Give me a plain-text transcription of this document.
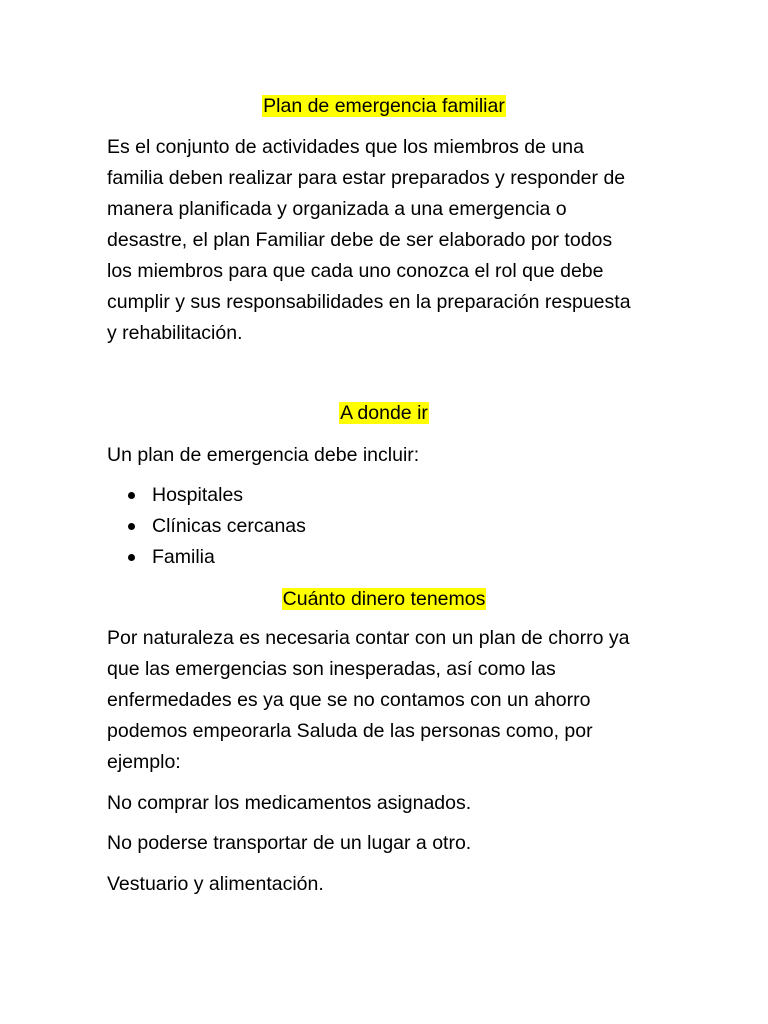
Plan de emergencia familiar
Es el conjunto de actividades que los miembros de una
familia deben realizar para estar preparados y responder de
manera planificada y organizada a una emergencia o
desastre, el plan Familiar debe de ser elaborado por todos
los miembros para que cada uno conozca el rol que debe
cumplir y sus responsabilidades en la preparación respuesta
y rehabilitación.
A donde ir
Un plan de emergencia debe incluir:
Hospitales
Clínicas cercanas
Familia
Cuánto dinero tenemos
Por naturaleza es necesaria contar con un plan de chorro ya
que las emergencias son inesperadas, así como las
enfermedades es ya que se no contamos con un ahorro
podemos empeorarla Saluda de las personas como, por
ejemplo:
No comprar los medicamentos asignados.
No poderse transportar de un lugar a otro.
Vestuario y alimentación.
